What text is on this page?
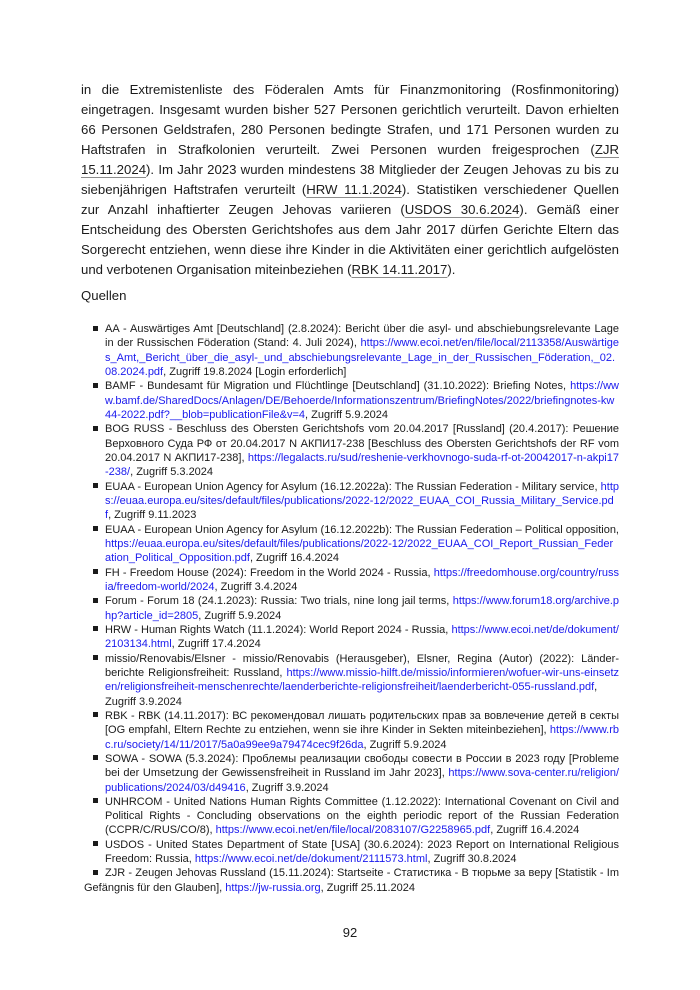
in die Extremistenliste des Föderalen Amts für Finanzmonitoring (Rosfinmonitoring) eingetragen. Insgesamt wurden bisher 527 Personen gerichtlich verurteilt. Davon erhielten 66 Personen Geldstrafen, 280 Personen bedingte Strafen, und 171 Personen wurden zu Haftstrafen in Strafkolonien verurteilt. Zwei Personen wurden freigesprochen (ZJR 15.11.2024). Im Jahr 2023 wurden mindestens 38 Mitglieder der Zeugen Jehovas zu bis zu siebenjährigen Haftstrafen verurteilt (HRW 11.1.2024). Statistiken verschiedener Quellen zur Anzahl inhaftierter Zeugen Jehovas variieren (USDOS 30.6.2024). Gemäß einer Entscheidung des Obersten Gerichtshofes aus dem Jahr 2017 dürfen Gerichte Eltern das Sorgerecht entziehen, wenn diese ihre Kinder in die Aktivitäten einer gerichtlich aufgelösten und verbotenen Organisation miteinbeziehen (RBK 14.11.2017).

Quellen

AA - Auswärtiges Amt [Deutschland] (2.8.2024): Bericht über die asyl- und abschiebungsrelevante Lage in der Russischen Föderation (Stand: 4. Juli 2024), https://www.ecoi.net/en/file/local/2113358/Auswärtiges_Amt,_Bericht_über_die_asyl-_und_abschiebungsrelevante_Lage_in_der_Russischen_Föderation,_02.08.2024.pdf, Zugriff 19.8.2024 [Login erforderlich]
BAMF - Bundesamt für Migration und Flüchtlinge [Deutschland] (31.10.2022): Briefing Notes, https://www.bamf.de/SharedDocs/Anlagen/DE/Behoerde/Informationszentrum/BriefingNotes/2022/briefingnotes-kw44-2022.pdf?__blob=publicationFile&v=4, Zugriff 5.9.2024
BOG RUSS - Beschluss des Obersten Gerichtshofs vom 20.04.2017 [Russland] (20.4.2017): Решение Верховного Суда РФ от 20.04.2017 N АКПИ17-238 [Beschluss des Obersten Gerichtshofs der RF vom 20.04.2017 N АКПИ17-238], https://legalacts.ru/sud/reshenie-verkhovnogo-suda-rf-ot-20042017-n-akpi17-238/, Zugriff 5.3.2024
EUAA - European Union Agency for Asylum (16.12.2022a): The Russian Federation - Military service, https://euaa.europa.eu/sites/default/files/publications/2022-12/2022_EUAA_COI_Russia_Military_Service.pdf, Zugriff 9.11.2023
EUAA - European Union Agency for Asylum (16.12.2022b): The Russian Federation – Political opposition, https://euaa.europa.eu/sites/default/files/publications/2022-12/2022_EUAA_COI_Report_Russian_Federation_Political_Opposition.pdf, Zugriff 16.4.2024
FH - Freedom House (2024): Freedom in the World 2024 - Russia, https://freedomhouse.org/country/russia/freedom-world/2024, Zugriff 3.4.2024
Forum - Forum 18 (24.1.2023): Russia: Two trials, nine long jail terms, https://www.forum18.org/archive.php?article_id=2805, Zugriff 5.9.2024
HRW - Human Rights Watch (11.1.2024): World Report 2024 - Russia, https://www.ecoi.net/de/dokument/2103134.html, Zugriff 17.4.2024
missio/Renovabis/Elsner - missio/Renovabis (Herausgeber), Elsner, Regina (Autor) (2022): Länderberichte Religionsfreiheit: Russland, https://www.missio-hilft.de/missio/informieren/wofuer-wir-uns-einsetzen/religionsfreiheit-menschenrechte/laenderberichte-religionsfreiheit/laenderbericht-055-russland.pdf, Zugriff 3.9.2024
RBK - RBK (14.11.2017): ВС рекомендовал лишать родительских прав за вовлечение детей в секты [OG empfahl, Eltern Rechte zu entziehen, wenn sie ihre Kinder in Sekten miteinbeziehen], https://www.rbc.ru/society/14/11/2017/5a0a99ee9a79474cec9f26da, Zugriff 5.9.2024
SOWA - SOWA (5.3.2024): Проблемы реализации свободы совести в России в 2023 году [Probleme bei der Umsetzung der Gewissensfreiheit in Russland im Jahr 2023], https://www.sova-center.ru/religion/publications/2024/03/d49416, Zugriff 3.9.2024
UNHRCOM - United Nations Human Rights Committee (1.12.2022): International Covenant on Civil and Political Rights - Concluding observations on the eighth periodic report of the Russian Federation (CCPR/C/RUS/CO/8), https://www.ecoi.net/en/file/local/2083107/G2258965.pdf, Zugriff 16.4.2024
USDOS - United States Department of State [USA] (30.6.2024): 2023 Report on International Religious Freedom: Russia, https://www.ecoi.net/de/dokument/2111573.html, Zugriff 30.8.2024
ZJR - Zeugen Jehovas Russland (15.11.2024): Startseite - Статистика - В тюрьме за веру [Statistik - Im Gefängnis für den Glauben], https://jw-russia.org, Zugriff 25.11.2024
92
